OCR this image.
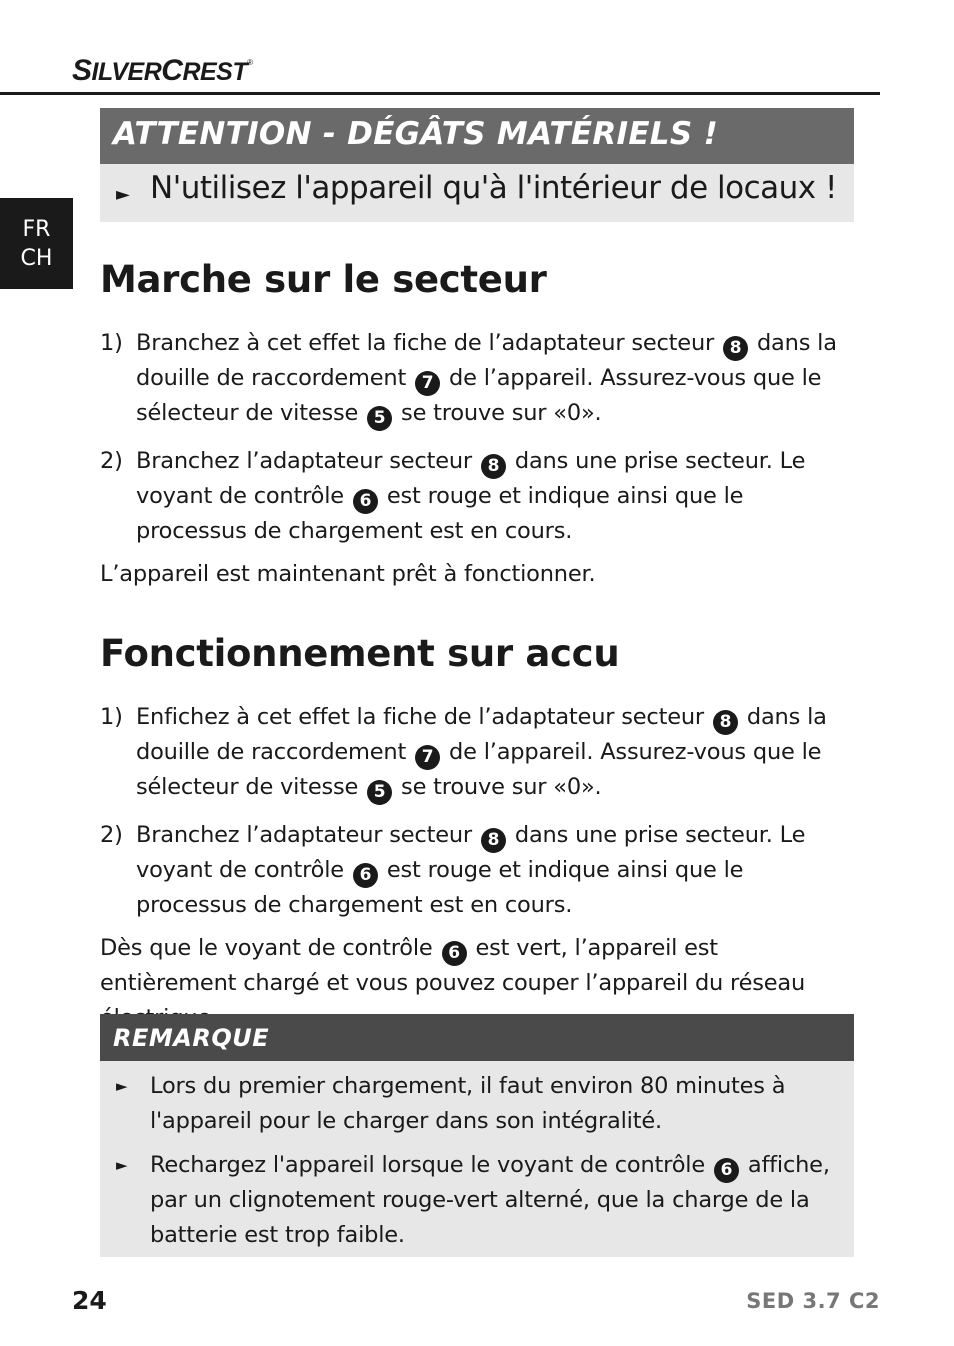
SILVERCREST®
FR
CH
ATTENTION - DÉGÂTS MATÉRIELS !
► N'utilisez l'appareil qu'à l'intérieur de locaux !
Marche sur le secteur
1) Branchez à cet effet la fiche de l’adaptateur secteur 8 dans la douille de raccordement 7 de l’appareil. Assurez-vous que le sélecteur de vitesse 5 se trouve sur «0».
2) Branchez l’adaptateur secteur 8 dans une prise secteur. Le voyant de contrôle 6 est rouge et indique ainsi que le processus de chargement est en cours.
L’appareil est maintenant prêt à fonctionner.
Fonctionnement sur accu
1) Enfichez à cet effet la fiche de l’adaptateur secteur 8 dans la douille de raccordement 7 de l’appareil. Assurez-vous que le sélecteur de vitesse 5 se trouve sur «0».
2) Branchez l’adaptateur secteur 8 dans une prise secteur. Le voyant de contrôle 6 est rouge et indique ainsi que le processus de chargement est en cours.
Dès que le voyant de contrôle 6 est vert, l’appareil est entièrement chargé et vous pouvez couper l’appareil du réseau
REMARQUE
► Lors du premier chargement, il faut environ 80 minutes à l'appareil pour le charger dans son intégralité.
► Rechargez l'appareil lorsque le voyant de contrôle 6 affiche, par un clignotement rouge-vert alterné, que la charge de la batterie est trop faible.
24	SED 3.7 C2
